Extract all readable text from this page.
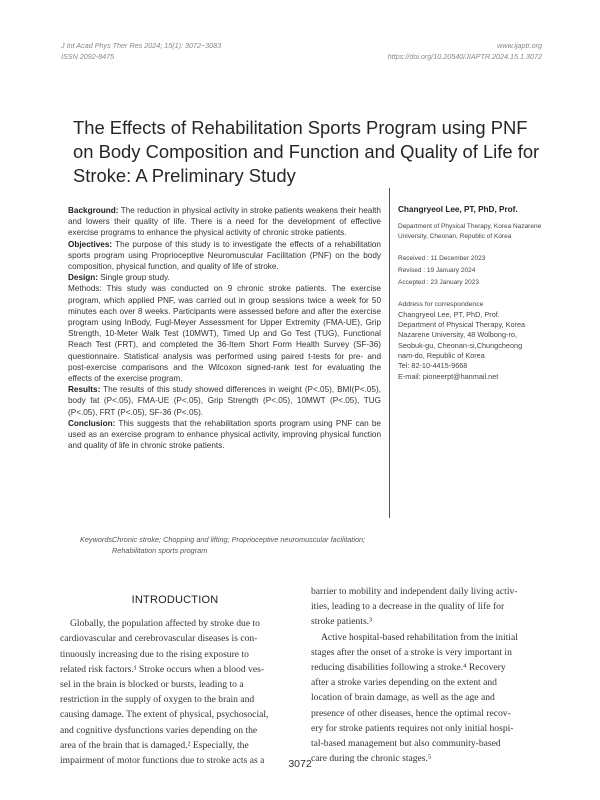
J Int Acad Phys Ther Res 2024; 15(1): 3072~3083
ISSN 2092-8475
www.ijaptr.org
https://doi.org/10.20540/JIAPTR.2024.15.1.3072
The Effects of Rehabilitation Sports Program using PNF on Body Composition and Function and Quality of Life for Stroke: A Preliminary Study

Background: The reduction in physical activity in stroke patients weakens their health and lowers their quality of life. There is a need for the development of effective exercise programs to enhance the physical activity of chronic stroke patients.

Objectives: The purpose of this study is to investigate the effects of a rehabilitation sports program using Proprioceptive Neuromuscular Facilitation (PNF) on the body composition, physical function, and quality of life of stroke.

Design: Single group study.

Methods: This study was conducted on 9 chronic stroke patients. The exercise program, which applied PNF, was carried out in group sessions twice a week for 50 minutes each over 8 weeks. Participants were assessed before and after the exercise program using InBody, Fugl-Meyer Assessment for Upper Extremity (FMA-UE), Grip Strength, 10-Meter Walk Test (10MWT), Timed Up and Go Test (TUG), Functional Reach Test (FRT), and completed the 36-Item Short Form Health Survey (SF-36) questionnaire. Statistical analysis was performed using paired t-tests for pre- and post-exercise comparisons and the Wilcoxon signed-rank test for evaluating the effects of the exercise program.

Results: The results of this study showed differences in weight (P<.05), BMI(P<.05), body fat (P<.05), FMA-UE (P<.05), Grip Strength (P<.05), 10MWT (P<.05), TUG (P<.05), FRT (P<.05), SF-36 (P<.05).

Conclusion: This suggests that the rehabilitation sports program using PNF can be used as an exercise program to enhance physical activity, improving physical function and quality of life in chronic stroke patients.

Changryeol Lee, PT, PhD, Prof.
Department of Physical Therapy, Korea Nazarene University, Cheonan, Republic of Korea
Received : 11 December 2023
Revised : 19 January 2024
Accepted : 23 January 2023
Address for correspondence
Changryeol Lee, PT, PhD, Prof.
Department of Physical Therapy, Korea
Nazarene University, 48 Wolbong-ro,
Seobuk-gu, Cheonan-si,Chungcheong
nam-do, Republic of Korea
Tel: 82-10-4415-9668
E-mail: pioneerpt@hanmail.net
Keywords:Chronic stroke; Chopping and lifting; Proprioceptive neuromuscular facilitation;
Rehabilitation sports program
INTRODUCTION
Globally, the population affected by stroke due to
cardiovascular and cerebrovascular diseases is con-
tinuously increasing due to the rising exposure to
related risk factors.¹ Stroke occurs when a blood ves-
sel in the brain is blocked or bursts, leading to a
restriction in the supply of oxygen to the brain and
causing damage. The extent of physical, psychosocial,
and cognitive dysfunctions varies depending on the
area of the brain that is damaged.² Especially, the
impairment of motor functions due to stroke acts as a
barrier to mobility and independent daily living activ-
ities, leading to a decrease in the quality of life for
stroke patients.³
Active hospital-based rehabilitation from the initial
stages after the onset of a stroke is very important in
reducing disabilities following a stroke.⁴ Recovery
after a stroke varies depending on the extent and
location of brain damage, as well as the age and
presence of other diseases, hence the optimal recov-
ery for stroke patients requires not only initial hospi-
tal-based management but also community-based
care during the chronic stages.⁵
3072
